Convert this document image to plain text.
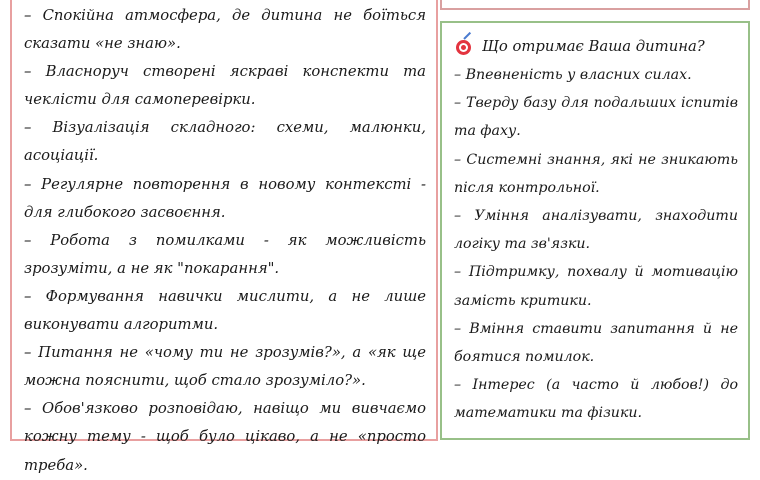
– Спокійна атмосфера, де дитина не боїться сказати «не знаю».

– Власноруч створені яскраві конспекти та чеклісти для самоперевірки.

– Візуалізація складного: схеми, малюнки, асоціації.

– Регулярне повторення в новому контексті - для глибокого засвоєння.

– Робота з помилками - як можливість зрозуміти, а не як "покарання".

– Формування навички мислити, а не лише виконувати алгоритми.

– Питання не «чому ти не зрозумів?», а «як ще можна пояснити, щоб стало зрозуміло?».

– Обов'язково розповідаю, навіщо ми вивчаємо кожну тему - щоб було цікаво, а не «просто треба».

Що отримає Ваша дитина?

– Впевненість у власних силах.

– Тверду базу для подальших іспитів та фаху.

– Системні знання, які не зникають після контрольної.

– Уміння аналізувати, знаходити логіку та зв'язки.

– Підтримку, похвалу й мотивацію замість критики.

– Вміння ставити запитання й не боятися помилок.

– Інтерес (а часто й любов!) до математики та фізики.
